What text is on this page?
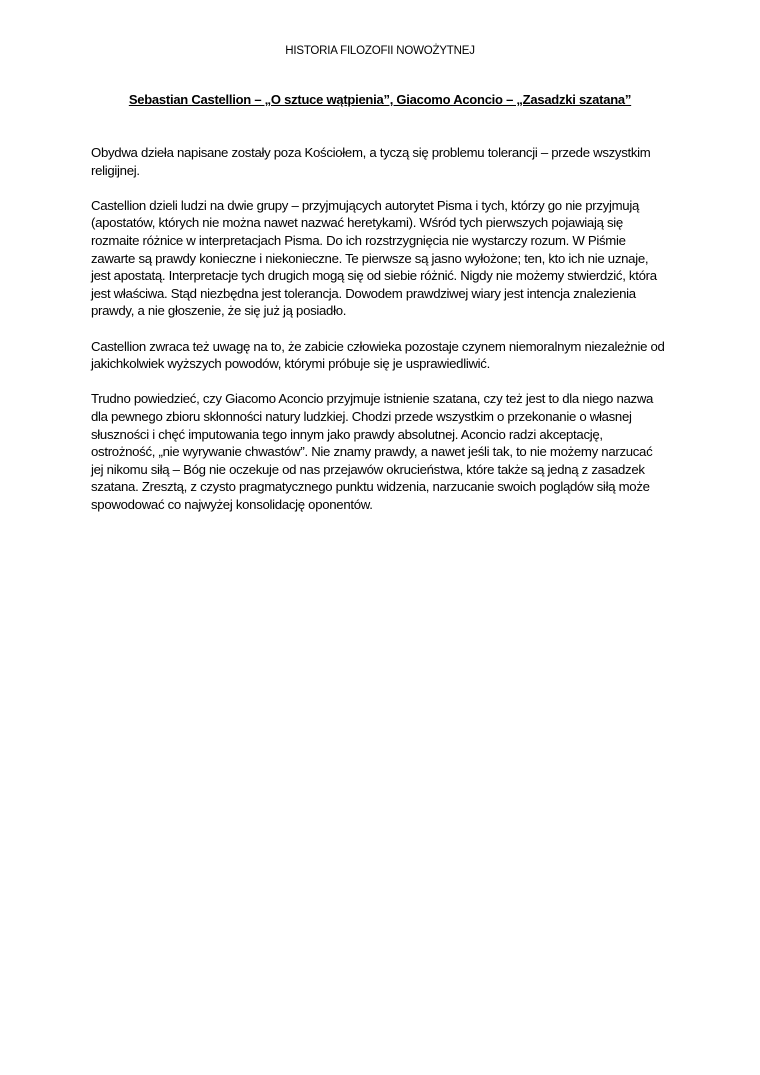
HISTORIA FILOZOFII NOWOŻYTNEJ
Sebastian Castellion – „O sztuce wątpienia”, Giacomo Aconcio – „Zasadzki szatana”

Obydwa dzieła napisane zostały poza Kościołem, a tyczą się problemu tolerancji – przede wszystkim
religijnej.

Castellion dzieli ludzi na dwie grupy – przyjmujących autorytet Pisma i tych, którzy go nie przyjmują
(apostatów, których nie można nawet nazwać heretykami). Wśród tych pierwszych pojawiają się
rozmaite różnice w interpretacjach Pisma. Do ich rozstrzygnięcia nie wystarczy rozum. W Piśmie
zawarte są prawdy konieczne i niekonieczne. Te pierwsze są jasno wyłożone; ten, kto ich nie uznaje,
jest apostatą. Interpretacje tych drugich mogą się od siebie różnić. Nigdy nie możemy stwierdzić, która
jest właściwa. Stąd niezbędna jest tolerancja. Dowodem prawdziwej wiary jest intencja znalezienia
prawdy, a nie głoszenie, że się już ją posiadło.

Castellion zwraca też uwagę na to, że zabicie człowieka pozostaje czynem niemoralnym niezależnie od
jakichkolwiek wyższych powodów, którymi próbuje się je usprawiedliwić.

Trudno powiedzieć, czy Giacomo Aconcio przyjmuje istnienie szatana, czy też jest to dla niego nazwa
dla pewnego zbioru skłonności natury ludzkiej. Chodzi przede wszystkim o przekonanie o własnej
słuszności i chęć imputowania tego innym jako prawdy absolutnej. Aconcio radzi akceptację,
ostrożność, „nie wyrywanie chwastów”. Nie znamy prawdy, a nawet jeśli tak, to nie możemy narzucać
jej nikomu siłą – Bóg nie oczekuje od nas przejawów okrucieństwa, które także są jedną z zasadzek
szatana. Zresztą, z czysto pragmatycznego punktu widzenia, narzucanie swoich poglądów siłą może
spowodować co najwyżej konsolidację oponentów.
